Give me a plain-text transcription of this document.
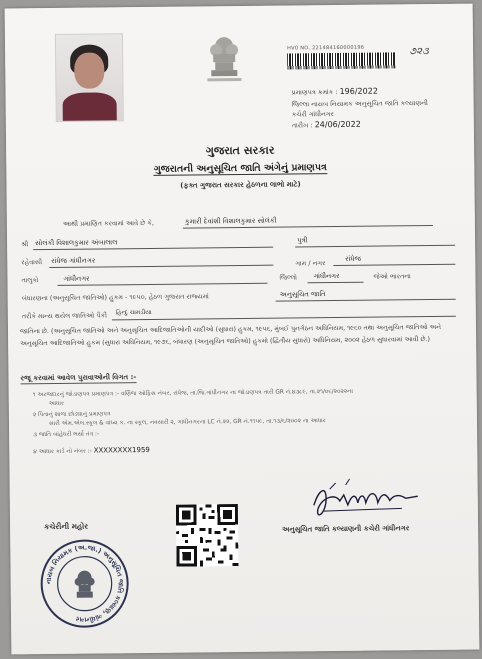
HV0 NO. 221484160000196	૭૨૩
પ્રમાણપત્ર ક્રમાંક : 196/2022
જિલ્લા નાયબ નિયામક અનુસૂચિત જાતિ કલ્યાણની
કચેરી ગાંધીનગર
તારીખ : 24/06/2022
ગુજરાત સરકાર
ગુજરાતની અનુસૂચિત જાતિ અંગેનું પ્રમાણપત્ર
(ફક્ત ગુજરાત સરકાર હેઠળના લાભો માટે)
આથી પ્રમાણિત કરવામાં આવે છે કે,	કુમારી દેવાંશી વિશાલકુમાર સોલંકી
શ્રી સોલંકી વિશાલકુમાર અંબાલાલ	પુત્રી
રહેવાસી રાંધેજ ગાંધીનગર	ગામ / નગર
રાંધેજ
તાલુકો	ગાંધીનગર	જિલ્લો ગાંધીનગર	જેઓ ભારતના
બંધારણના (અનુસૂચિત જાતિઓ) હુકમ - ૧૯૫૦, હેઠળ ગુજરાત રાજ્યમાં	અનુસૂચિત જાતિ
તરીકે માન્ય થયેલ જાતિઓ પૈકી હિન્દુ ચામડીયા
જાતિના છે. (અનુસૂચિત જાતિઓ અને અનુસૂચિત આદિજાતિઓની યાદીઓ (સુધારા) હુકમ, ૧૯૫૬, મુંબઈ પુનર્ગઠન અધિનિયમ, ૧૯૬૦ તથા અનુસૂચિત જાતિઓ અને અનુસૂચિત આદિજાતિઓ હુકમ (સુધારા અધિનિયમ, ૧૯૭૬, બંધારણ (અનુસૂચિત જાતિઓ) હુકમો (દ્વિતીય સુધારો) અધિનિયમ, ૨૦૦૨ હેઠળ સુધારવામાં આવી છે.)
રજૂ કરવામાં આવેલ પુરાવાઓની વિગત :-
૧ અરજદારનું જોડાણપત્ર પ્રમાણપત્ર :- વર્ણિજ ઓફિસ નંબર, રાંધેજ, તા.જિ.ગાંધીનગર ના જોડાણપત્ર તારી GR નં.૪૩૮૯, તા.૨૧/૦૬/૨૦૨૨ના
આધાર
૨ પિતાનું શાળા છોડ્યાનું પ્રમાણપત્ર
સારી એમ.એલ.સ્કૂલ & વાંધ્ય ક. ના સ્કૂલ, નવસારી ૨, ગાંધીનગરના LC નં.૨૨, GR નં.૧૧૫૯, તા.૧૩/૬/૨૦૦૨ ના આધાર
૩ જાતિ બાંહેધરી ભર્યો તંત્ર :-
૪ આધાર કાર્ડ નો નંબર :- XXXXXXXX1959
અનુસૂચિત જાતિ કલ્યાણની કચેરી ગાંધીનગર
કચેરીની મહોર
નાયબ નિયામક (અ.જા.) અનુસૂચિત જાતિ કલ્યાણ, ગાંધીનગર
